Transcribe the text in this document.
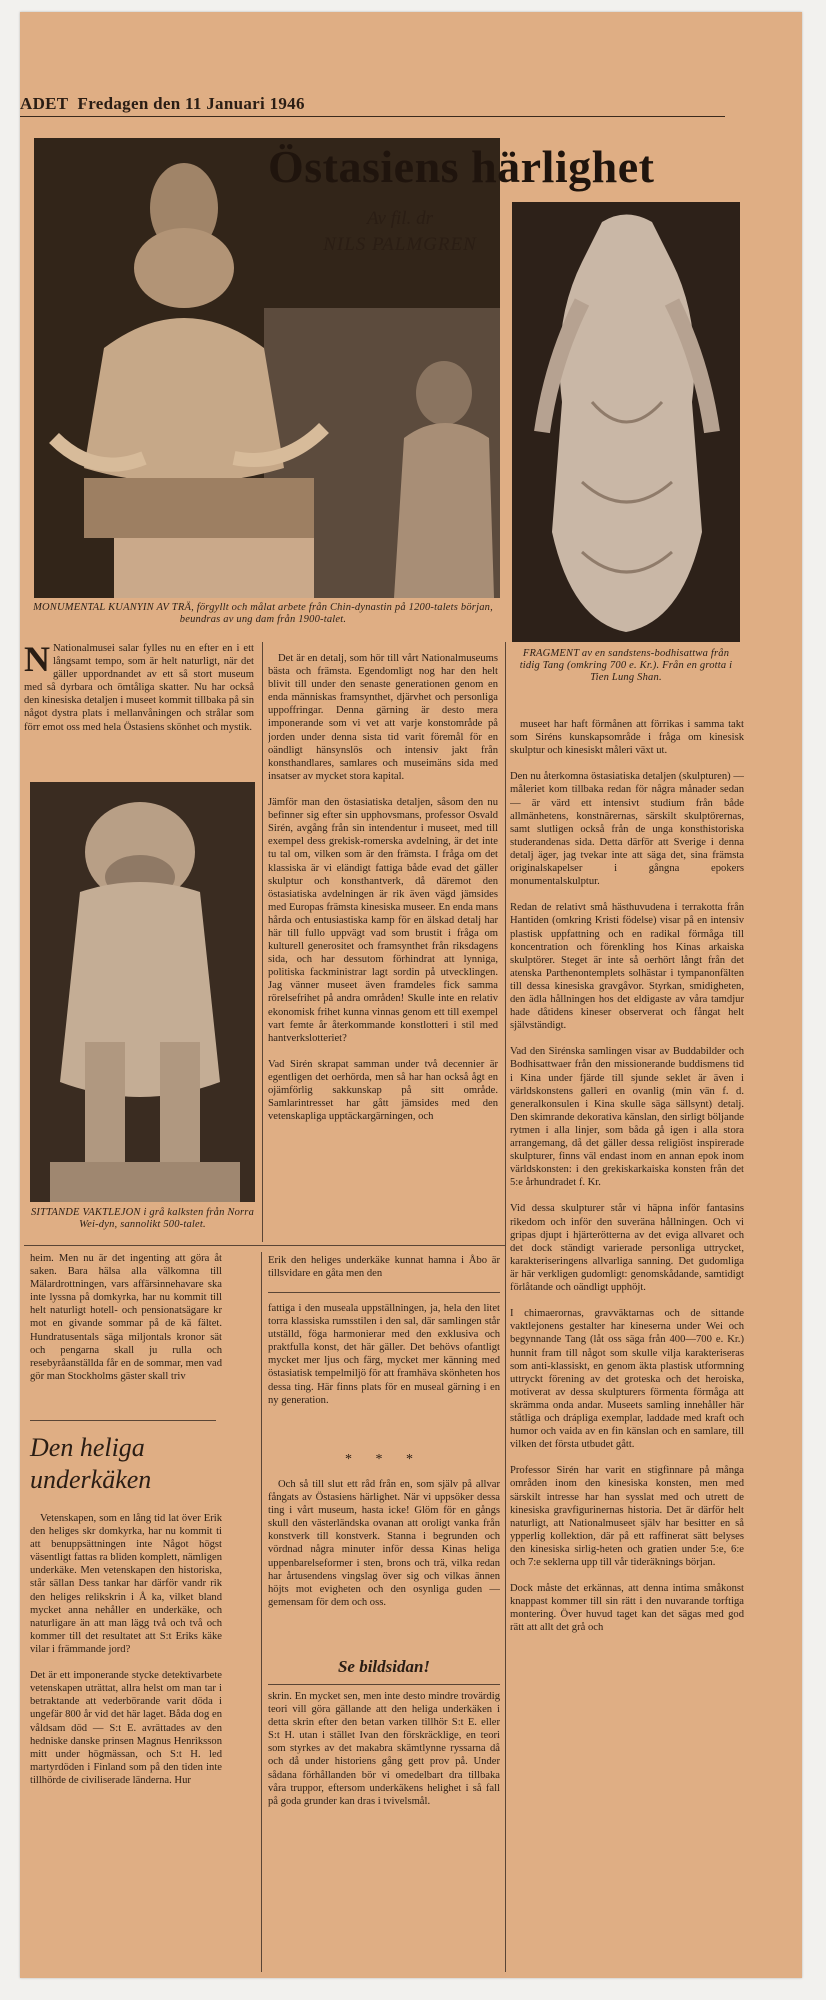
ADET Fredagen den 11 Januari 1946
Östasiens härlighet
Av fil. dr
NILS PALMGREN
FRAGMENT av en sandstens-bodhisattwa från tidig Tang (omkring 700 e. Kr.). Från en grotta i Tien Lung Shan.
MONUMENTAL KUANYIN AV TRÄ, förgyllt och målat arbete från Chin-dynastin på 1200-talets början, beundras av ung dam från 1900-talet.
N Nationalmusei salar fylles nu en efter en i ett långsamt tempo, som är helt naturligt, när det gäller uppordnandet av ett så stort museum med så dyrbara och ömtåliga skatter. Nu har också den kinesiska detaljen i museet kommit tillbaka på sin något dystra plats i mellanvåningen och strålar som förr emot oss med hela Östasiens skönhet och mystik.
SITTANDE VAKTLEJON i grå kalksten från Norra Wei-dyn, sannolikt 500-talet.

Det är en detalj, som hör till vårt Nationalmuseums bästa och främsta. Egendomligt nog har den helt blivit till under den senaste generationen genom en enda människas framsynthet, djärvhet och personliga uppoffringar. Denna gärning är desto mera imponerande som vi vet att varje konstområde på jorden under denna sista tid varit föremål för en oändligt hänsynslös och intensiv jakt från konsthandlares, samlares och museimäns sida med insatser av mycket stora kapital.

Jämför man den östasiatiska detaljen, såsom den nu befinner sig efter sin upphovsmans, professor Osvald Sirén, avgång från sin intendentur i museet, med till exempel dess grekisk-romerska avdelning, är det inte tu tal om, vilken som är den främsta. I fråga om det klassiska är vi eländigt fattiga både evad det gäller skulptur och konsthantverk, då däremot den östasiatiska avdelningen är rik även vägd jämsides med Europas främsta kinesiska museer. En enda mans hårda och entusiastiska kamp för en älskad detalj har här till fullo uppvägt vad som brustit i fråga om kulturell generositet och framsynthet från riksdagens sida, och har dessutom förhindrat att lynniga, politiska fackministrar lagt sordin på utvecklingen. Jag vänner museet även framdeles fick samma rörelsefrihet på andra områden! Skulle inte en relativ ekonomisk frihet kunna vinnas genom ett till exempel vart femte år återkommande konstlotteri i stil med hantverkslotteriet?

Vad Sirén skrapat samman under två decennier är egentligen det oerhörda, men så har han också ågt en ojämförlig sakkunskap på sitt område. Samlarintresset har gått jämsides med den vetenskapliga upptäckargärningen, och

museet har haft förmånen att förrikas i samma takt som Siréns kunskapsområde i fråga om kinesisk skulptur och kinesiskt måleri växt ut.

Den nu återkomna östasiatiska detaljen (skulpturen) — måleriet kom tillbaka redan för några månader sedan — är värd ett intensivt studium från både allmänhetens, konstnärernas, särskilt skulptörernas, samt slutligen också från de unga konsthistoriska studerandenas sida. Detta därför att Sverige i denna detalj äger, jag tvekar inte att säga det, sina främsta originalskapelser i gångna epokers monumentalskulptur.

Redan de relativt små hästhuvudena i terrakotta från Hantiden (omkring Kristi födelse) visar på en intensiv plastisk uppfattning och en radikal förmåga till koncentration och förenkling hos Kinas arkaiska skulptörer. Steget är inte så oerhört långt från det atenska Parthenontemplets solhästar i tympanonfälten till dessa kinesiska gravgåvor. Styrkan, smidigheten, den ädla hållningen hos det eldigaste av våra tamdjur hade dåtidens kineser observerat och fångat helt självständigt.

Vad den Sirénska samlingen visar av Buddabilder och Bodhisattwaer från den missionerande buddismens tid i Kina under fjärde till sjunde seklet är även i världskonstens galleri en ovanlig (min vän f. d. generalkonsulen i Kina skulle säga sällsynt) detalj. Den skimrande dekorativa känslan, den sirligt böljande rytmen i alla linjer, som båda gå igen i alla stora arrangemang, då det gäller dessa religiöst inspirerade skulpturer, finns väl endast inom en annan epok inom världskonsten: i den grekiskarkaiska konsten från det 5:e århundradet f. Kr.

Vid dessa skulpturer står vi häpna inför fantasins rikedom och inför den suveräna hållningen. Och vi gripas djupt i hjärterötterna av det eviga allvaret och det dock ständigt varierade personliga uttrycket, karakteriseringens allvarliga sanning. Det gudomliga är här verkligen gudomligt: genomskådande, samtidigt förlåtande och oändligt upphöjt.

I chimaerornas, gravväktarnas och de sittande vaktlejonens gestalter har kineserna under Wei och begynnande Tang (låt oss säga från 400—700 e. Kr.) hunnit fram till något som skulle vilja karakteriseras som anti-klassiskt, en genom äkta plastisk utformning uttryckt förening av det groteska och det heroiska, motiverat av dessa skulpturers förmenta förmåga att skrämma onda andar. Museets samling innehåller här ståtliga och drápliga exemplar, laddade med kraft och humor och vaida av en fin känslan och en samlare, till vilken det första utbudet gått.

Professor Sirén har varit en stigfinnare på många områden inom den kinesiska konsten, men med särskilt intresse har han sysslat med och utrett de kinesiska gravfigurinernas historia. Det är därför helt naturligt, att Nationalmuseet själv har besitter en så ypperlig kollektion, där på ett raffinerat sätt belyses den kinesiska sirlig-heten och gratien under 5:e, 6:e och 7:e seklerna upp till vår tideräknings början.

Dock måste det erkännas, att denna intima småkonst knappast kommer till sin rätt i den nuvarande torftiga montering. Över huvud taget kan det sägas med god rätt att allt det grå och

heim. Men nu är det ingenting att göra åt saken. Bara hälsa alla välkomna till Mälardrottningen, vars affärsinnehavare ska inte lyssna på domkyrka, har nu kommit till helt naturligt hotell- och pensionatsägare kr mot en givande sommar på de kä fältet. Hundratusentals säga miljontals kronor sät och pengarna skall ju rulla och resebyråanställda får en de sommar, men vad gör man Stockholms gäster skall triv

Den heliga underkäken

Vetenskapen, som en lång tid lat över Erik den heliges skr domkyrka, har nu kommit ti att benuppsättningen inte Något högst väsentligt fattas ra bliden komplett, nämligen underkäke. Men vetenskapen den historiska, står sällan Dess tankar har därför vandr rik den heliges relikskrin i Å ka, vilket bland mycket anna nehåller en underkäke, och naturligare än att man lägg två och två och kommer till det resultatet att S:t Eriks käke vilar i främmande jord?

Det är ett imponerande stycke detektivarbete vetenskapen uträttat, allra helst om man tar i betraktande att vederbörande varit döda i ungefär 800 år vid det här laget. Båda dog en våldsam död — S:t E. avrättades av den hedniske danske prinsen Magnus Henriksson mitt under högmässan, och S:t H. led martyrdöden i Finland som på den tiden inte tillhörde de civiliserade länderna. Hur

Erik den heliges underkäke kunnat hamna i Åbo är tillsvidare en gåta men den

fattiga i den museala uppställningen, ja, hela den litet torra klassiska rumsstilen i den sal, där samlingen står utställd, föga harmonierar med den exklusiva och praktfulla konst, det här gäller. Det behövs ofantligt mycket mer ljus och färg, mycket mer känning med östasiatisk tempelmiljö för att framhäva skönheten hos dessa ting. Här finns plats för en museal gärning i en ny generation.

* * *

Och så till slut ett råd från en, som själv på allvar fångats av Östasiens härlighet. När vi uppsöker dessa ting i vårt museum, hasta icke! Glöm för en gångs skull den västerländska ovanan att oroligt vanka från konstverk till konstverk. Stanna i begrunden och vördnad några minuter inför dessa Kinas heliga uppenbarelseformer i sten, brons och trä, vilka redan har årtusendens vingslag över sig och vilkas ännen höjts mot evigheten och den osynliga guden — gemensam för dem och oss.

Se bildsidan!

skrin. En mycket sen, men inte desto mindre trovärdig teori vill göra gällande att den heliga underkäken i detta skrin efter den betan varken tillhör S:t E. eller S:t H. utan i stället Ivan den förskräcklige, en teori som styrkes av det makabra skämtlynne ryssarna då och då under historiens gång gett prov på. Under sådana förhållanden bör vi omedelbart dra tillbaka våra truppor, eftersom underkäkens helighet i så fall på goda grunder kan dras i tvivelsmål.
